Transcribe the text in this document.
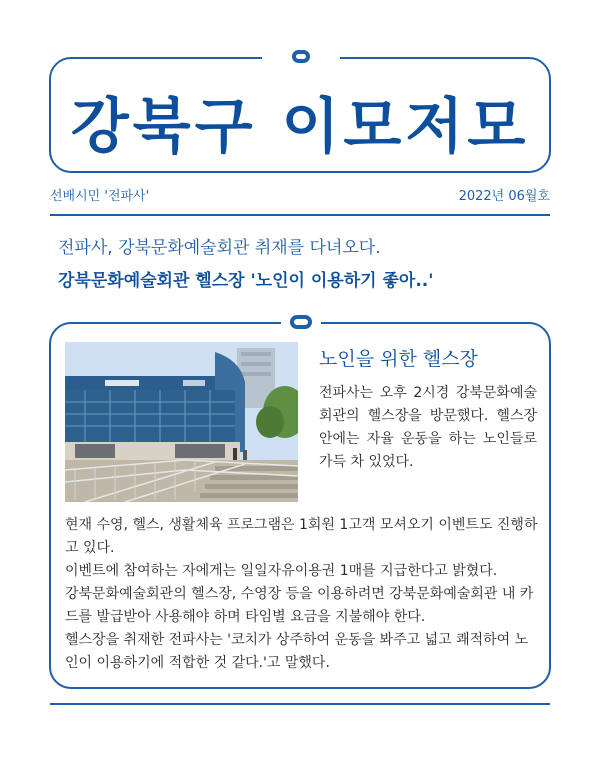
강북구 이모저모
선배시민 '전파사'	2022년 06월호
전파사, 강북문화예술회관 취재를 다녀오다.
강북문화예술회관 헬스장 '노인이 이용하기 좋아..'
노인을 위한 헬스장
전파사는 오후 2시경 강북문화예술회관의 헬스장을 방문했다. 헬스장 안에는 자율 운동을 하는 노인들로 가득 차 있었다.
현재 수영, 헬스, 생활체육 프로그램은 1회원 1고객 모셔오기 이벤트도 진행하고 있다.
이벤트에 참여하는 자에게는 일일자유이용권 1매를 지급한다고 밝혔다.
강북문화예술회관의 헬스장, 수영장 등을 이용하려면 강북문화예술회관 내 카드를 발급받아 사용해야 하며 타임별 요금을 지불해야 한다.
헬스장을 취재한 전파사는 '코치가 상주하여 운동을 봐주고 넓고 쾌적하여 노인이 이용하기에 적합한 것 같다.'고 말했다.
